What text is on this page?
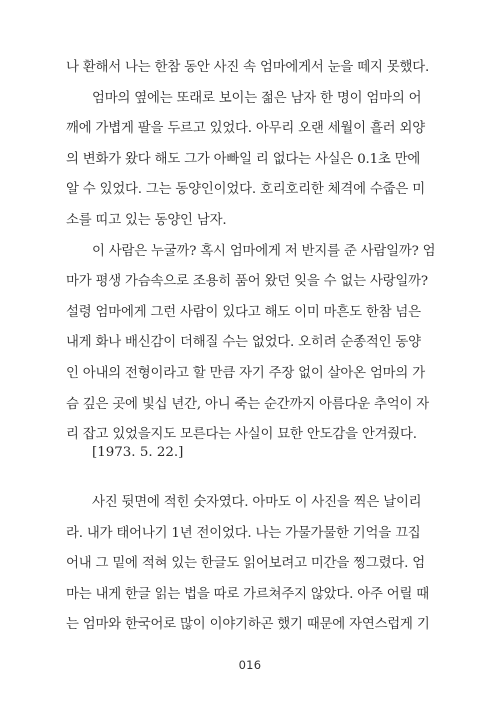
나 환해서 나는 한참 동안 사진 속 엄마에게서 눈을 떼지 못했다.
엄마의 옆에는 또래로 보이는 젊은 남자 한 명이 엄마의 어
깨에 가볍게 팔을 두르고 있었다. 아무리 오랜 세월이 흘러 외양
의 변화가 왔다 해도 그가 아빠일 리 없다는 사실은 0.1초 만에
알 수 있었다. 그는 동양인이었다. 호리호리한 체격에 수줍은 미
소를 띠고 있는 동양인 남자.
이 사람은 누굴까? 혹시 엄마에게 저 반지를 준 사람일까? 엄
마가 평생 가슴속으로 조용히 품어 왔던 잊을 수 없는 사랑일까?
설령 엄마에게 그런 사람이 있다고 해도 이미 마흔도 한참 넘은
내게 화나 배신감이 더해질 수는 없었다. 오히려 순종적인 동양
인 아내의 전형이라고 할 만큼 자기 주장 없이 살아온 엄마의 가
슴 깊은 곳에 빛십 년간, 아니 죽는 순간까지 아름다운 추억이 자
리 잡고 있었을지도 모른다는 사실이 묘한 안도감을 안겨줬다.
[1973. 5. 22.]
사진 뒷면에 적힌 숫자였다. 아마도 이 사진을 찍은 날이리
라. 내가 태어나기 1년 전이었다. 나는 가물가물한 기억을 끄집
어내 그 밑에 적혀 있는 한글도 읽어보려고 미간을 찡그렸다. 엄
마는 내게 한글 읽는 법을 따로 가르쳐주지 않았다. 아주 어릴 때
는 엄마와 한국어로 많이 이야기하곤 했기 때문에 자연스럽게 기
016
